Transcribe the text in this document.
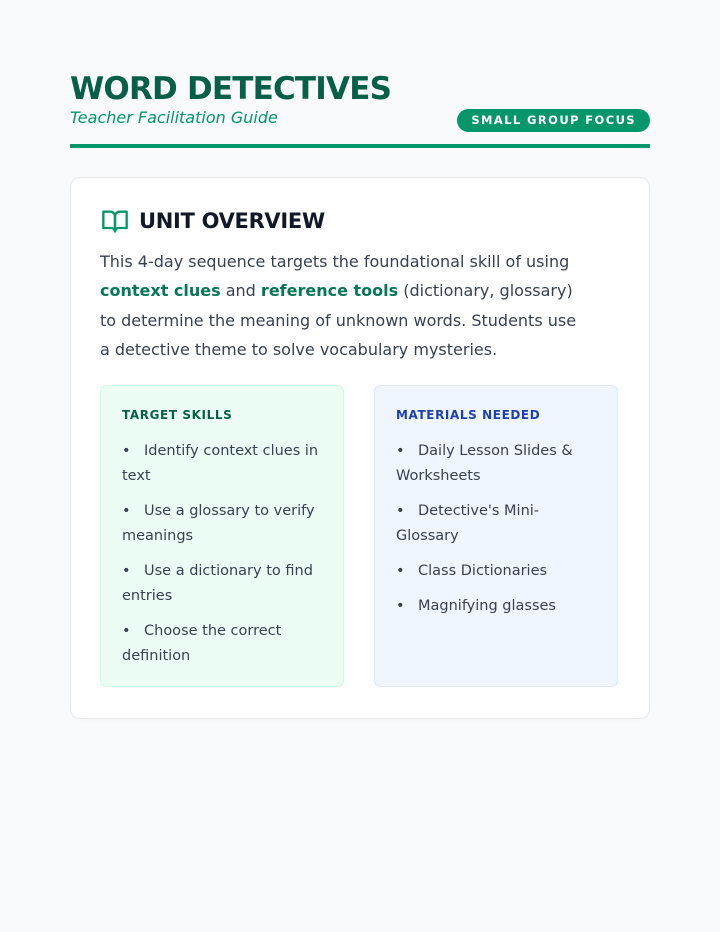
WORD DETECTIVES

Teacher Facilitation Guide	SMALL GROUP FOCUS
UNIT OVERVIEW

This 4-day sequence targets the foundational skill of using context clues and reference tools (dictionary, glossary) to determine the meaning of unknown words. Students use a detective theme to solve vocabulary mysteries.

TARGET SKILLS
• Identify context clues in text
• Use a glossary to verify meanings
• Use a dictionary to find entries
• Choose the correct definition
MATERIALS NEEDED
• Daily Lesson Slides & Worksheets
• Detective's Mini-Glossary
• Class Dictionaries
• Magnifying glasses
